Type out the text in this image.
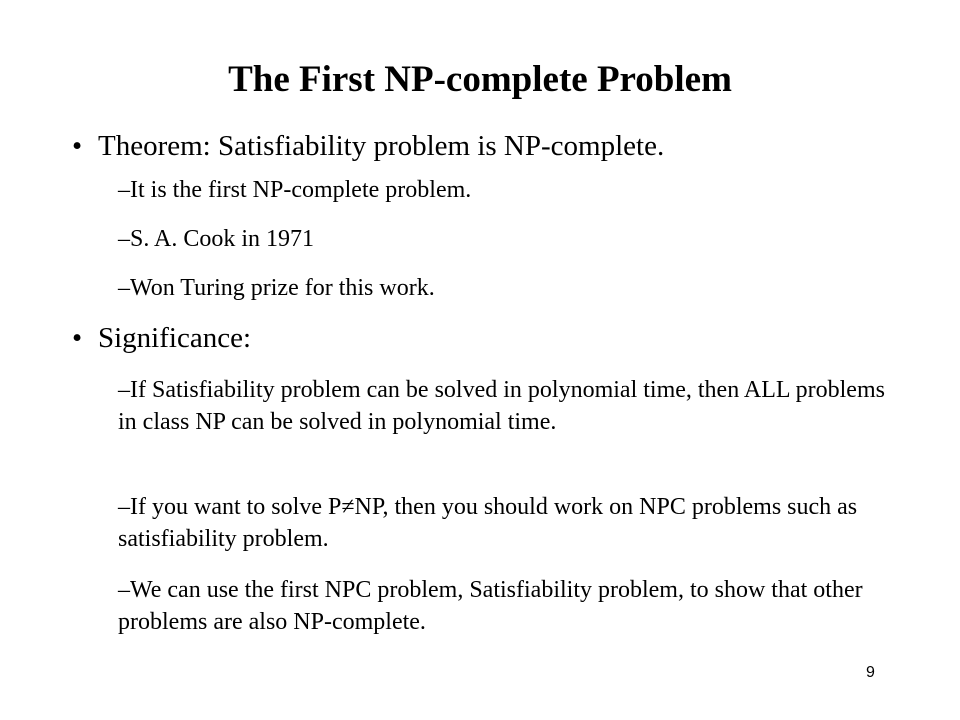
The First NP-complete Problem
• Theorem: Satisfiability problem is NP-complete.
–It is the first NP-complete problem.
–S. A. Cook in 1971
–Won Turing prize for this work.
• Significance:
–If Satisfiability problem can be solved in polynomial time, then ALL problems in class NP can be solved in polynomial time.
–If you want to solve P≠NP, then you should work on NPC problems such as satisfiability problem.
–We can use the first NPC problem, Satisfiability problem, to show that other problems are also NP-complete.
9
